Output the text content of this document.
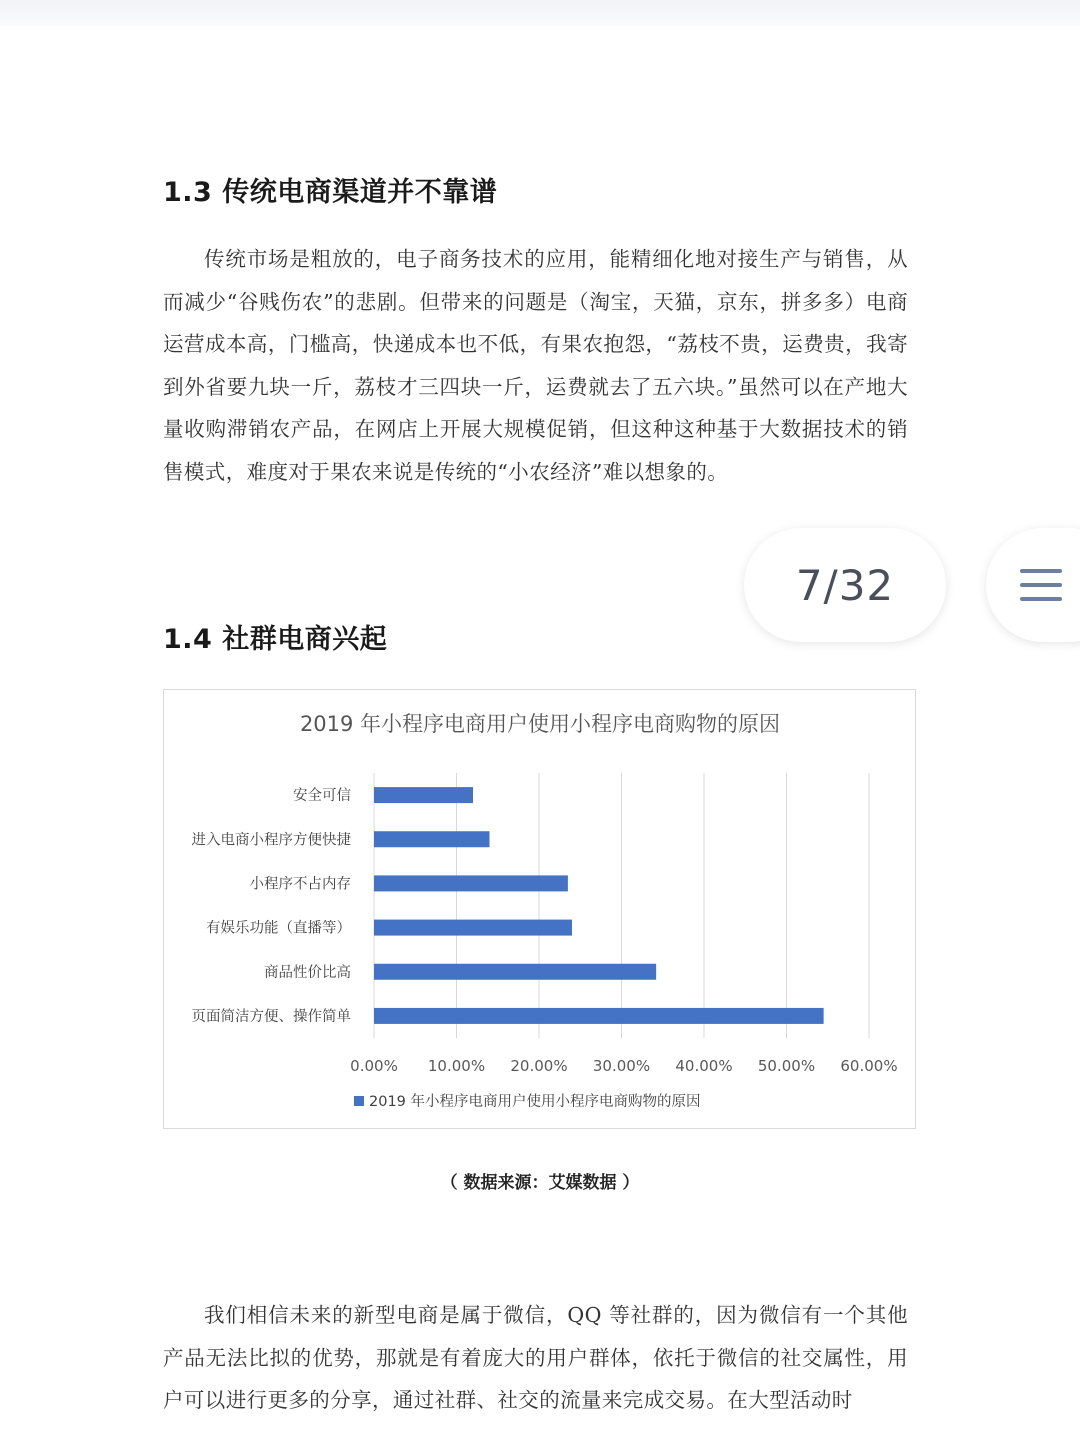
1.3 传统电商渠道并不靠谱

传统市场是粗放的，电子商务技术的应用，能精细化地对接生产与销售，从而减少“谷贱伤农”的悲剧。但带来的问题是（淘宝，天猫，京东，拼多多）电商运营成本高，门槛高，快递成本也不低，有果农抱怨，“荔枝不贵，运费贵，我寄到外省要九块一斤，荔枝才三四块一斤，运费就去了五六块。”虽然可以在产地大量收购滞销农产品，在网店上开展大规模促销，但这种这种基于大数据技术的销售模式，难度对于果农来说是传统的“小农经济”难以想象的。

1.4 社群电商兴起

我们相信未来的新型电商是属于微信，QQ 等社群的，因为微信有一个其他产品无法比拟的优势，那就是有着庞大的用户群体，依托于微信的社交属性，用户可以进行更多的分享，通过社群、社交的流量来完成交易。在大型活动时

2019 年小程序电商用户使用小程序电商购物的原因
0.00% 10.00% 20.00% 30.00% 40.00% 50.00% 60.00%
安全可信
进入电商小程序方便快捷
小程序不占内存
有娱乐功能（直播等）
商品性价比高
页面简洁方便、操作简单
2019 年小程序电商用户使用小程序电商购物的原因
（ 数据来源：艾媒数据 ）
7/32
